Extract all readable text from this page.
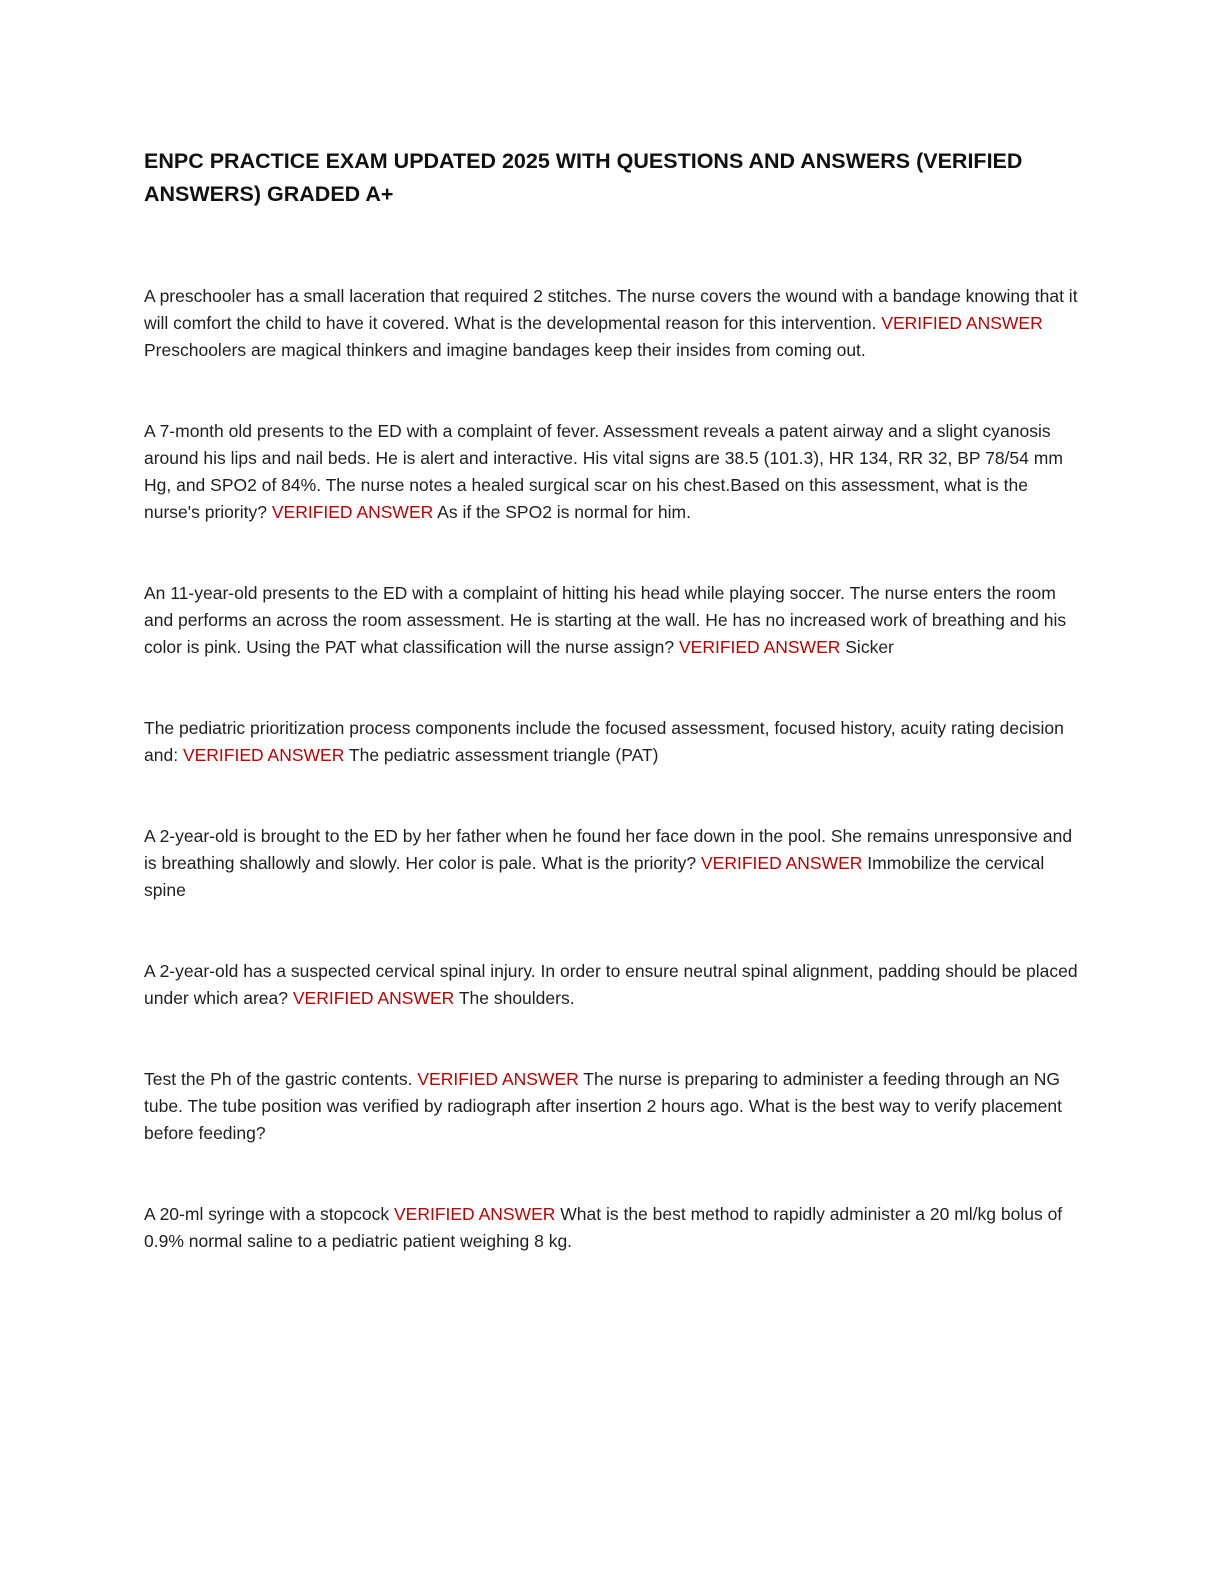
ENPC PRACTICE EXAM UPDATED 2025 WITH QUESTIONS AND ANSWERS (VERIFIED ANSWERS) GRADED A+

A preschooler has a small laceration that required 2 stitches. The nurse covers the wound with a bandage knowing that it will comfort the child to have it covered. What is the developmental reason for this intervention. VERIFIED ANSWER Preschoolers are magical thinkers and imagine bandages keep their insides from coming out.

A 7-month old presents to the ED with a complaint of fever. Assessment reveals a patent airway and a slight cyanosis around his lips and nail beds. He is alert and interactive. His vital signs are 38.5 (101.3), HR 134, RR 32, BP 78/54 mm Hg, and SPO2 of 84%. The nurse notes a healed surgical scar on his chest.Based on this assessment, what is the nurse's priority? VERIFIED ANSWER As if the SPO2 is normal for him.

An 11-year-old presents to the ED with a complaint of hitting his head while playing soccer. The nurse enters the room and performs an across the room assessment. He is starting at the wall. He has no increased work of breathing and his color is pink. Using the PAT what classification will the nurse assign? VERIFIED ANSWER Sicker

The pediatric prioritization process components include the focused assessment, focused history, acuity rating decision and: VERIFIED ANSWER The pediatric assessment triangle (PAT)

A 2-year-old is brought to the ED by her father when he found her face down in the pool. She remains unresponsive and is breathing shallowly and slowly. Her color is pale. What is the priority? VERIFIED ANSWER Immobilize the cervical spine

A 2-year-old has a suspected cervical spinal injury. In order to ensure neutral spinal alignment, padding should be placed under which area? VERIFIED ANSWER The shoulders.

Test the Ph of the gastric contents. VERIFIED ANSWER The nurse is preparing to administer a feeding through an NG tube. The tube position was verified by radiograph after insertion 2 hours ago. What is the best way to verify placement before feeding?

A 20-ml syringe with a stopcock VERIFIED ANSWER What is the best method to rapidly administer a 20 ml/kg bolus of 0.9% normal saline to a pediatric patient weighing 8 kg.
